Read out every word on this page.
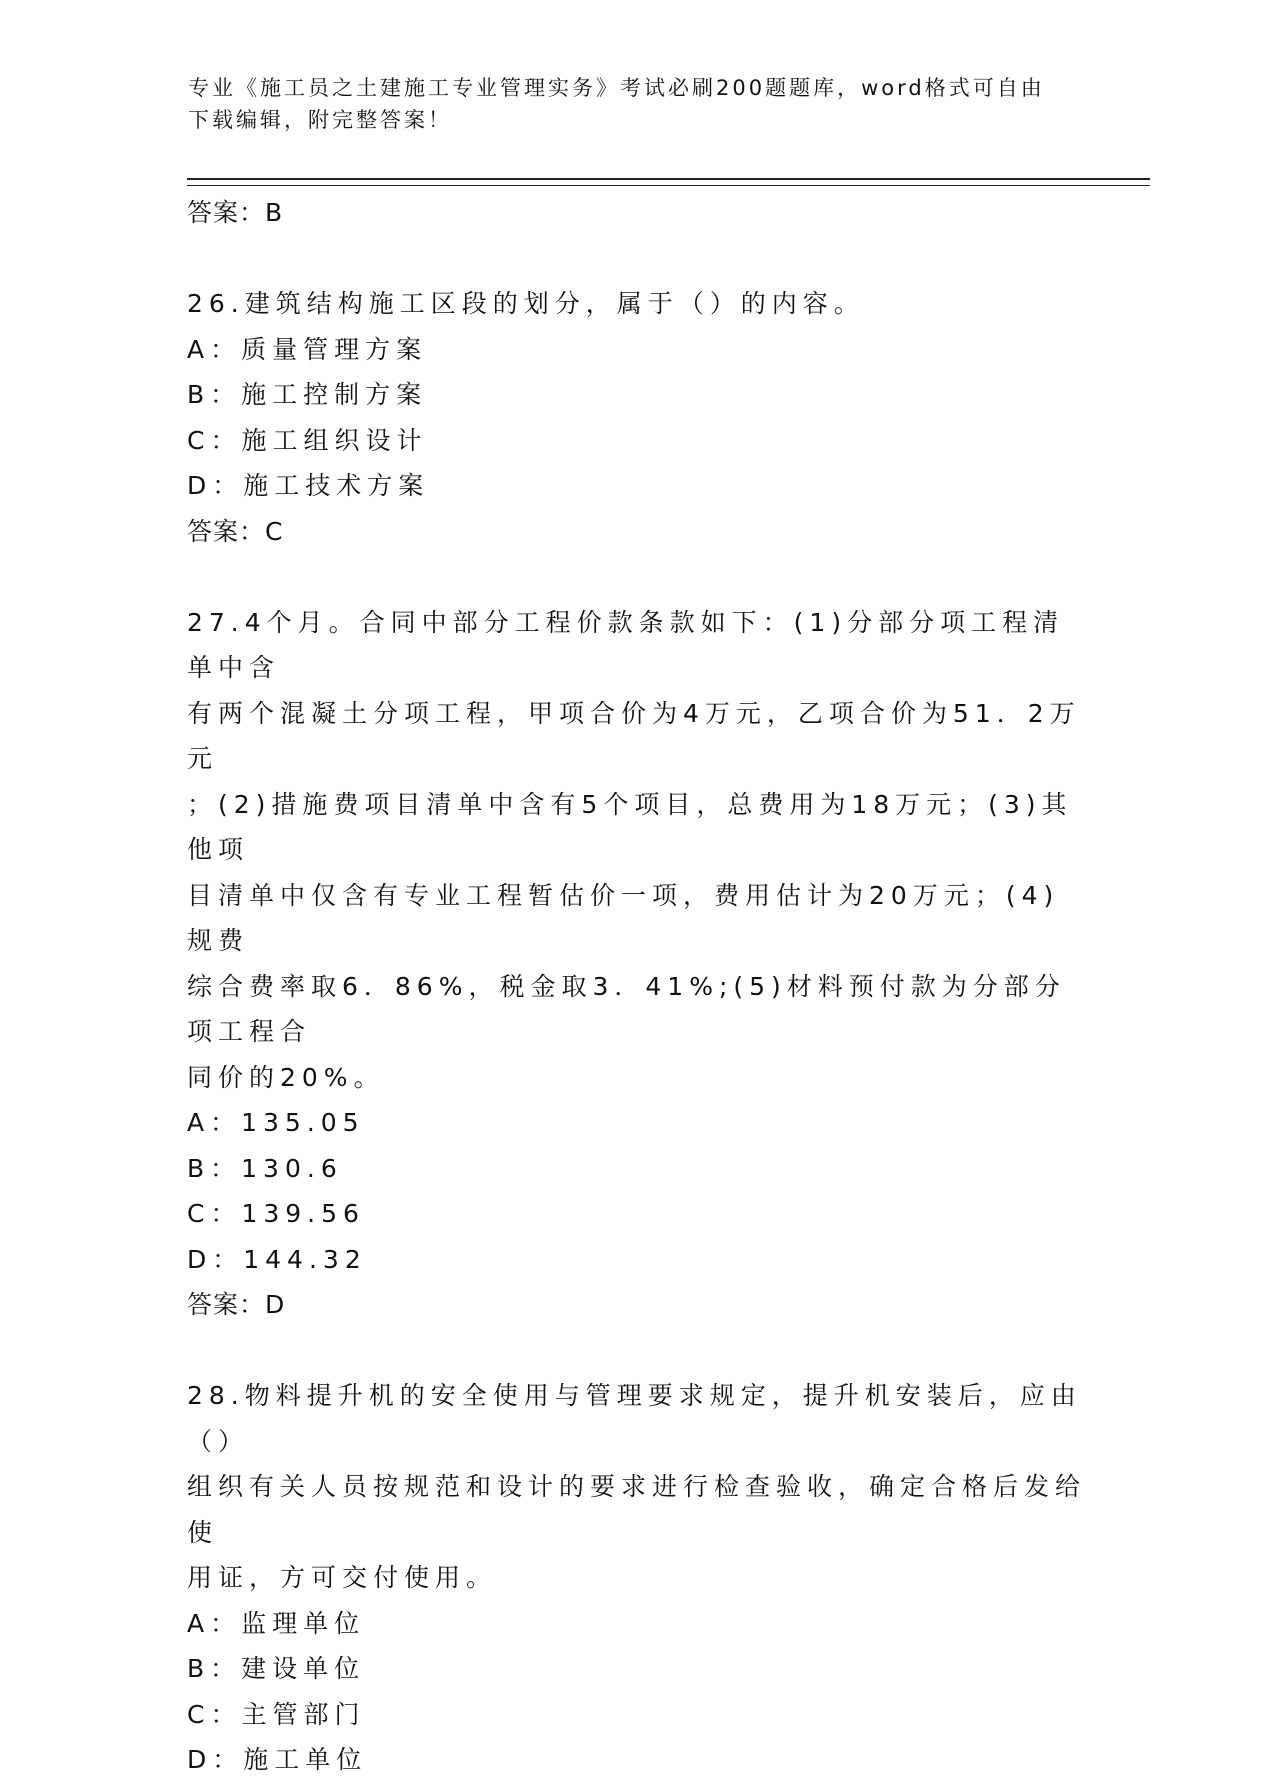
专业《施工员之土建施工专业管理实务》考试必刷200题题库，word格式可自由
下载编辑，附完整答案！

答案：B

26.建筑结构施工区段的划分，属于（）的内容。

A：质量管理方案

B：施工控制方案

C：施工组织设计

D：施工技术方案

答案：C

27.4个月。合同中部分工程价款条款如下：(1)分部分项工程清单中含

有两个混凝土分项工程，甲项合价为4万元，乙项合价为51．2万元

；(2)措施费项目清单中含有5个项目，总费用为18万元；(3)其他项

目清单中仅含有专业工程暂估价一项，费用估计为20万元；(4)规费

综合费率取6．86%，税金取3．41%;(5)材料预付款为分部分项工程合

同价的20%。

A：135.05

B：130.6

C：139.56

D：144.32

答案：D

28.物料提升机的安全使用与管理要求规定，提升机安装后，应由（）

组织有关人员按规范和设计的要求进行检查验收，确定合格后发给使

用证，方可交付使用。

A：监理单位

B：建设单位

C：主管部门

D：施工单位
